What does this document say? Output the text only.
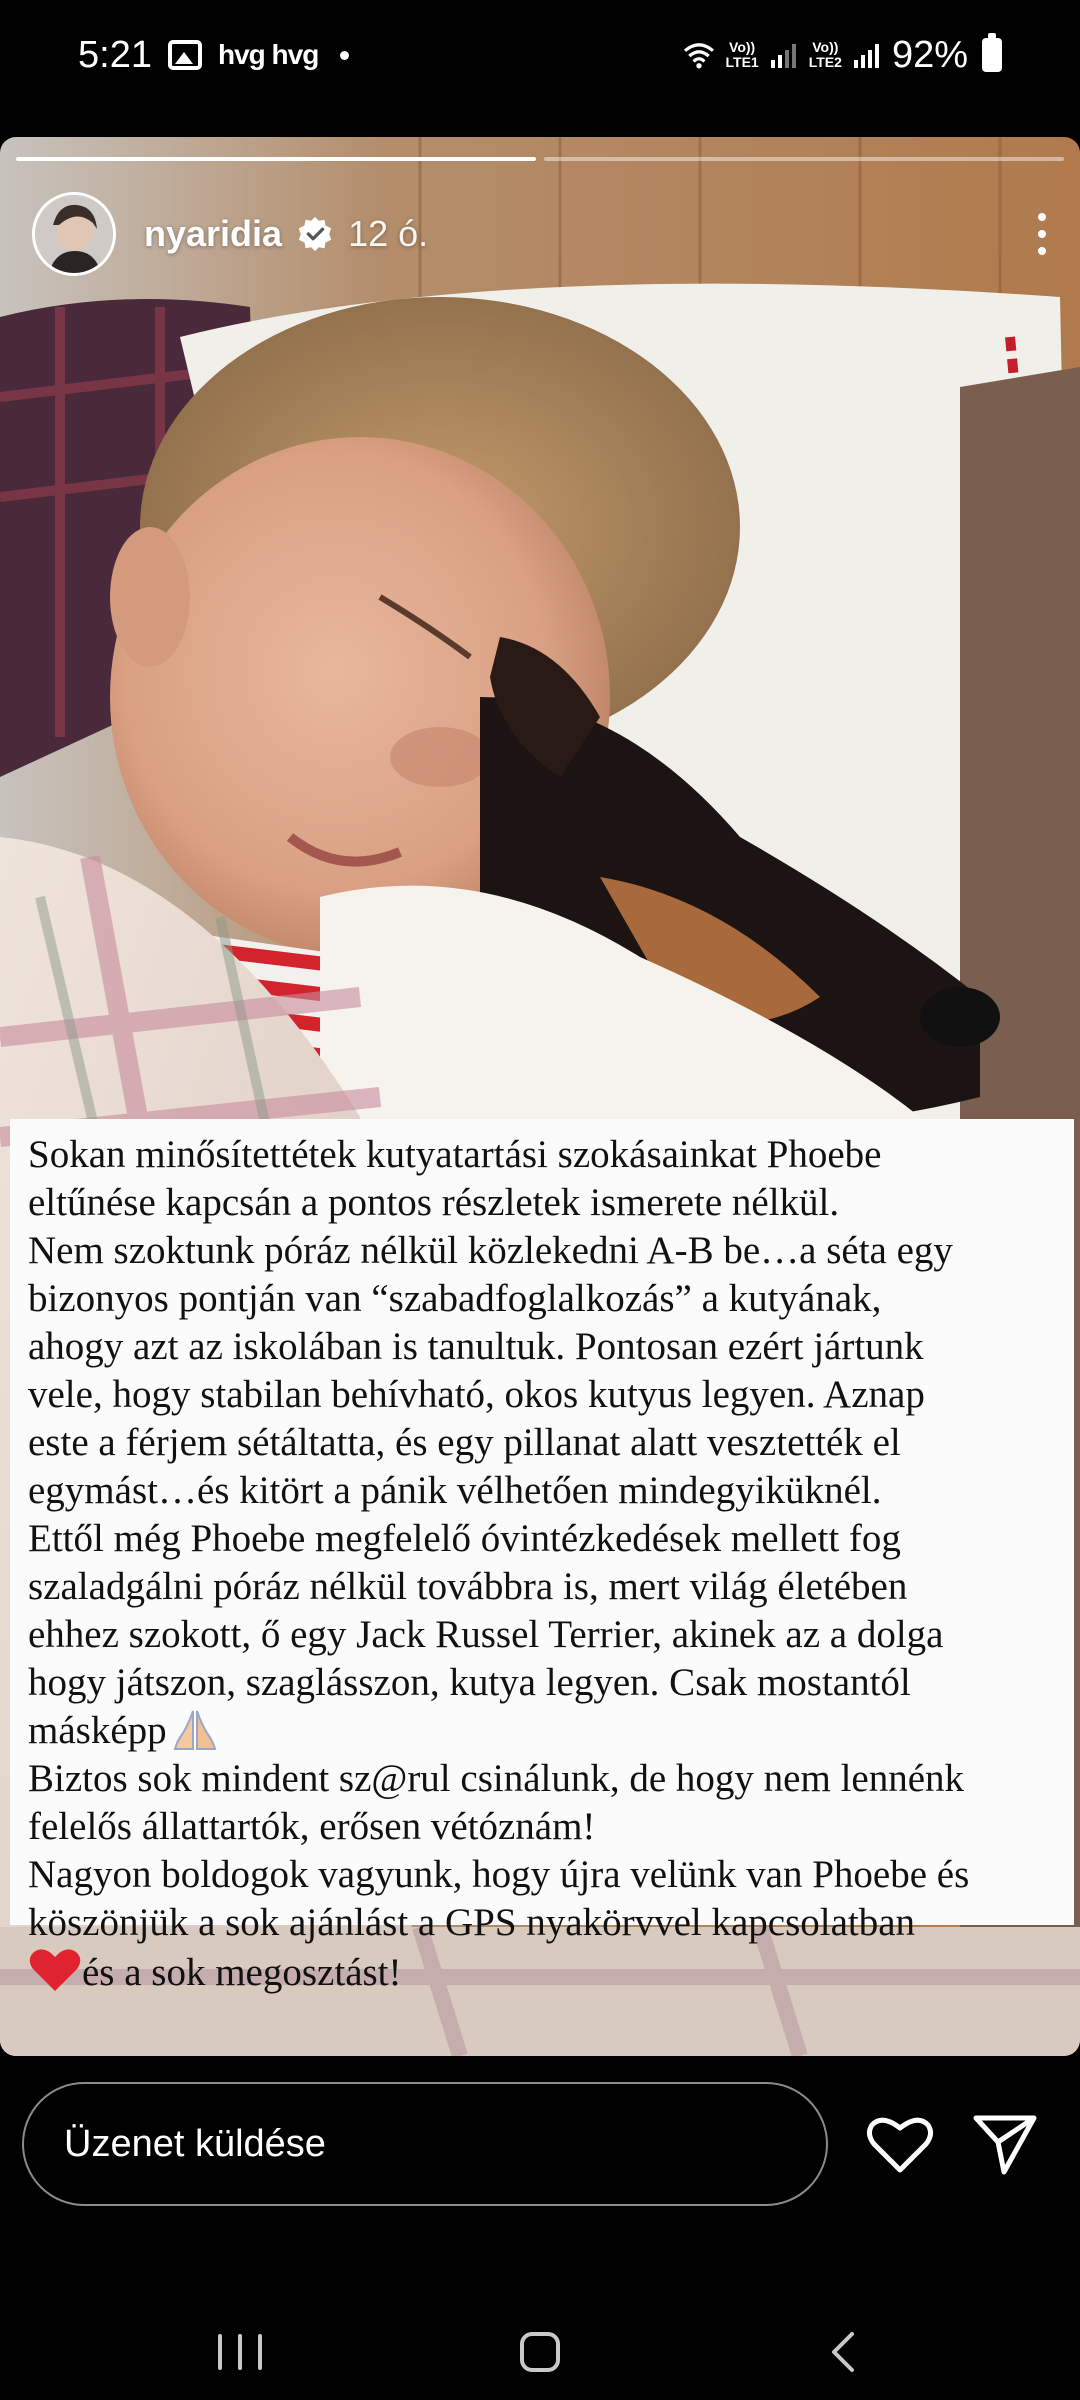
5:21 hvg hvg	Vo))
LTE1
Vo))
LTE2 92%
nyaridia 12 ó.
Sokan minősítettétek kutyatartási szokásainkat Phoebe
eltűnése kapcsán a pontos részletek ismerete nélkül.
Nem szoktunk póráz nélkül közlekedni A-B be…a séta egy
bizonyos pontján van “szabadfoglalkozás” a kutyának,
ahogy azt az iskolában is tanultuk. Pontosan ezért jártunk
vele, hogy stabilan behívható, okos kutyus legyen. Aznap
este a férjem sétáltatta, és egy pillanat alatt vesztették el
egymást…és kitört a pánik vélhetően mindegyiküknél.
Ettől még Phoebe megfelelő óvintézkedések mellett fog
szaladgálni póráz nélkül továbbra is, mert világ életében
ehhez szokott, ő egy Jack Russel Terrier, akinek az a dolga
hogy játszon, szaglásszon, kutya legyen. Csak mostantól
másképp
Biztos sok mindent sz@rul csinálunk, de hogy nem lennénk
felelős állattartók, erősen vétóznám!
Nagyon boldogok vagyunk, hogy újra velünk van Phoebe és
köszönjük a sok ajánlást a GPS nyakörvvel kapcsolatban
és a sok megosztást!
Üzenet küldése
